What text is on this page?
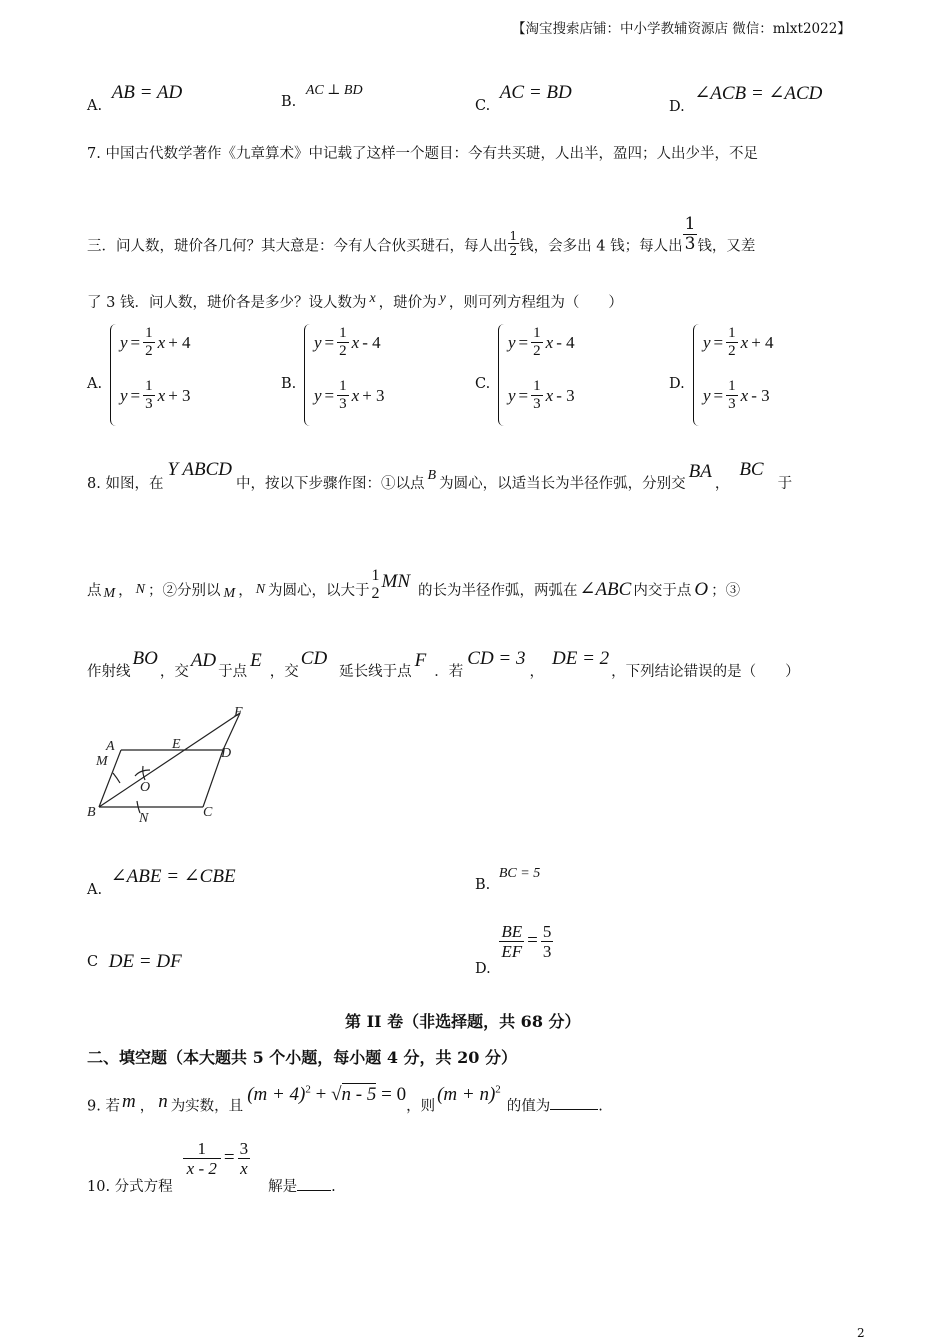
【淘宝搜索店铺：中小学教辅资源店 微信：mlxt2022】
A. AB = AD	B. AC ⊥ BD
C. AC = BD
D. ∠ACB = ∠ACD
7. 中国古代数学著作《九章算术》中记载了这样一个题目：今有共买琎，人出半，盈四；人出少半，不足
三．问人数，琎价各几何？其大意是：今有人合伙买琎石，每人出 $\frac{1}{2}$ 钱，会多出 4 钱；每人出 $\frac{1}{3}$ 钱，又差
了 3 钱．问人数，琎价各是多少？设人数为 x ，琎价为 y ，则可列方程组为（　　）
A.
$y = \frac{1}{2}$ x + 4
$y = \frac{1}{3}$ x + 3
B.
$y = \frac{1}{2}$ x - 4
$y = \frac{1}{3}$ x + 3
C.
$y = \frac{1}{2}$ x - 4
$y = \frac{1}{3}$ x - 3
D.
$y = \frac{1}{2}$ x + 4
$y = \frac{1}{3}$ x - 3
8. 如图，在Y ABCD中，按以下步骤作图：①以点B为圆心，以适当长为半径作弧，分别交BA，BC于
点 M ， N ；②分别以 M ， N 为圆心，以大于
1
2
MN 的长为半径作弧，两弧在 ∠ABC 内交于点 O ；③
作射线BO，交AD于点E，交CD延长线于点F．若CD = 3，DE = 2，下列结论错误的是（　　）
A
B	C
D
E
F
M
N
O
A. ∠ABE = ∠CBE	B. BC = 5
C DE = DF	D.
$\frac{BE}{EF} = \frac{5}{3}$
第 II 卷（非选择题，共 68 分）
二、填空题（本大题共 5 个小题，每小题 4 分，共 20 分）
9. 若 m ， n 为实数，且$(m + 4)^2 + √n - 5 = 0$，则$(m + n)^2$的值为	.
10. 分式方程
$\frac{1}{x - 2} = \frac{3}{x}$
解是 .
2
